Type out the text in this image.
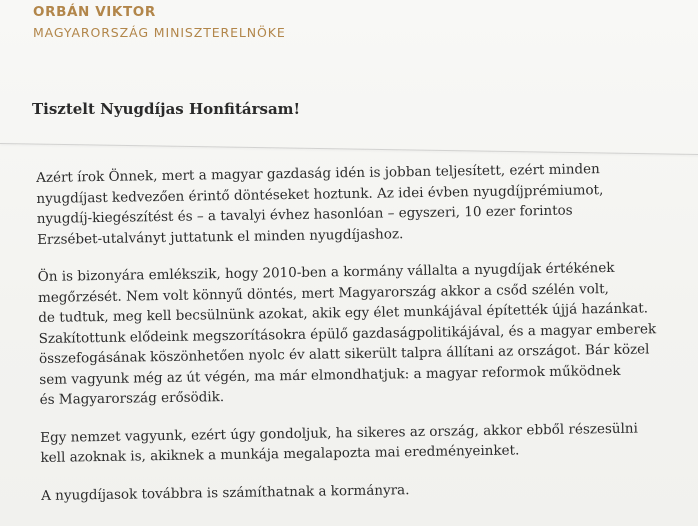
ORBÁN VIKTOR
MAGYARORSZÁG MINISZTERELNÖKE
Tisztelt Nyugdíjas Honfitársam!
Azért írok Önnek, mert a magyar gazdaság idén is jobban teljesített, ezért minden
nyugdíjast kedvezően érintő döntéseket hoztunk. Az idei évben nyugdíjprémiumot,
nyugdíj-kiegészítést és – a tavalyi évhez hasonlóan – egyszeri, 10 ezer forintos
Erzsébet-utalványt juttatunk el minden nyugdíjashoz.
Ön is bizonyára emlékszik, hogy 2010-ben a kormány vállalta a nyugdíjak értékének
megőrzését. Nem volt könnyű döntés, mert Magyarország akkor a csőd szélén volt,
de tudtuk, meg kell becsülnünk azokat, akik egy élet munkájával építették újjá hazánkat.
Szakítottunk elődeink megszorításokra épülő gazdaságpolitikájával, és a magyar emberek
összefogásának köszönhetően nyolc év alatt sikerült talpra állítani az országot. Bár közel
sem vagyunk még az út végén, ma már elmondhatjuk: a magyar reformok működnek
és Magyarország erősödik.
Egy nemzet vagyunk, ezért úgy gondoljuk, ha sikeres az ország, akkor ebből részesülni
kell azoknak is, akiknek a munkája megalapozta mai eredményeinket.
A nyugdíjasok továbbra is számíthatnak a kormányra.
